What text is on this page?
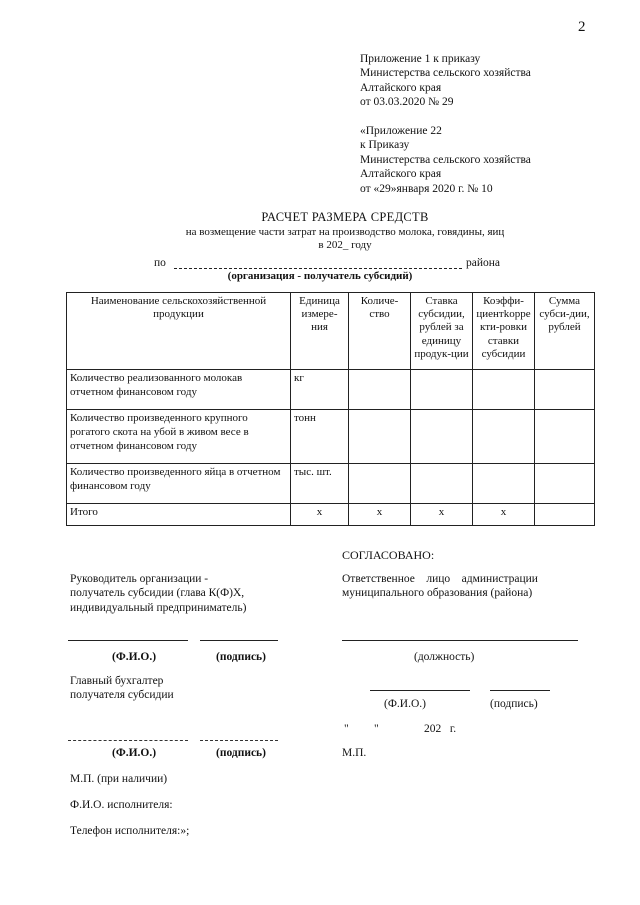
2
Приложение 1 к приказу
Министерства сельского хозяйства
Алтайского края
от 03.03.2020 № 29
«Приложение 22
к Приказу
Министерства сельского хозяйства
Алтайского края
от «29»января 2020 г. № 10
РАСЧЕТ РАЗМЕРА СРЕДСТВ
на возмещение части затрат на производство молока, говядины, яиц
в 202_ году
по	района
(организация - получатель субсидий)
Наименование сельскохозяйственной продукции	Единица измере-ния	Количе-ство	Ставка субсидии, рублей за единицу продук-ции	Коэффи-циентkорре кти-ровки ставки субсидии	Сумма субси-дии, рублей
Количество реализованного молокав отчетном финансовом году	кг				
Количество произведенного крупного рогатого скота на убой в живом весе в отчетном финансовом году	тонн				
Количество произведенного яйца в отчетном финансовом году	тыс. шт.				
Итого	х	х	х	х	
СОГЛАСОВАНО:
Руководитель организации -
получатель субсидии (глава К(Ф)Х,
индивидуальный предприниматель)
Ответственное    лицо    администрации
муниципального образования (района)
(Ф.И.О.)	(подпись)	(должность)
Главный бухгалтер
получателя субсидии
(Ф.И.О.)	(подпись)
" "	202   г.
(Ф.И.О.)	(подпись)	М.П.
М.П. (при наличии)
Ф.И.О. исполнителя:
Телефон исполнителя:»;
